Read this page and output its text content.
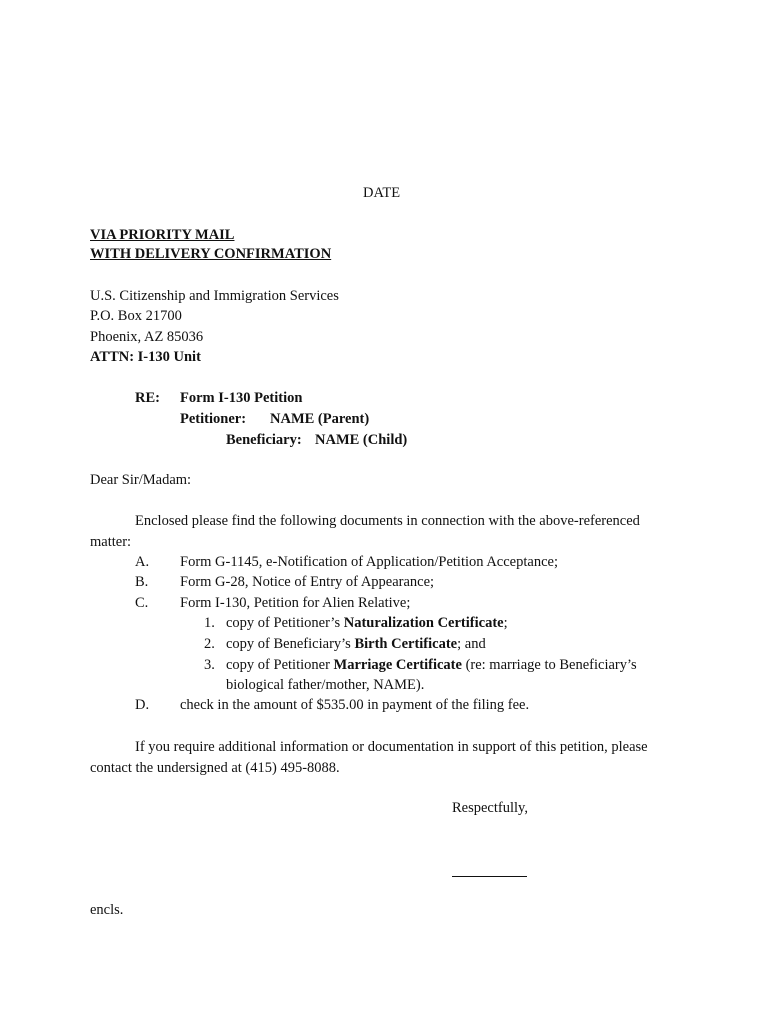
DATE
VIA PRIORITY MAIL
WITH DELIVERY CONFIRMATION
U.S. Citizenship and Immigration Services
P.O. Box 21700
Phoenix, AZ 85036
ATTN: I-130 Unit
RE: Form I-130 Petition
Petitioner: NAME (Parent)
Beneficiary: NAME (Child)
Dear Sir/Madam:
Enclosed please find the following documents in connection with the above-referenced
matter:
A. Form G-1145, e-Notification of Application/Petition Acceptance;
B. Form G-28, Notice of Entry of Appearance;
C. Form I-130, Petition for Alien Relative;
1. copy of Petitioner’s Naturalization Certificate;
2. copy of Beneficiary’s Birth Certificate; and
3. copy of Petitioner Marriage Certificate (re: marriage to Beneficiary’s
biological father/mother, NAME).
D. check in the amount of $535.00 in payment of the filing fee.
If you require additional information or documentation in support of this petition, please
contact the undersigned at (415) 495-8088.
Respectfully,
encls.
